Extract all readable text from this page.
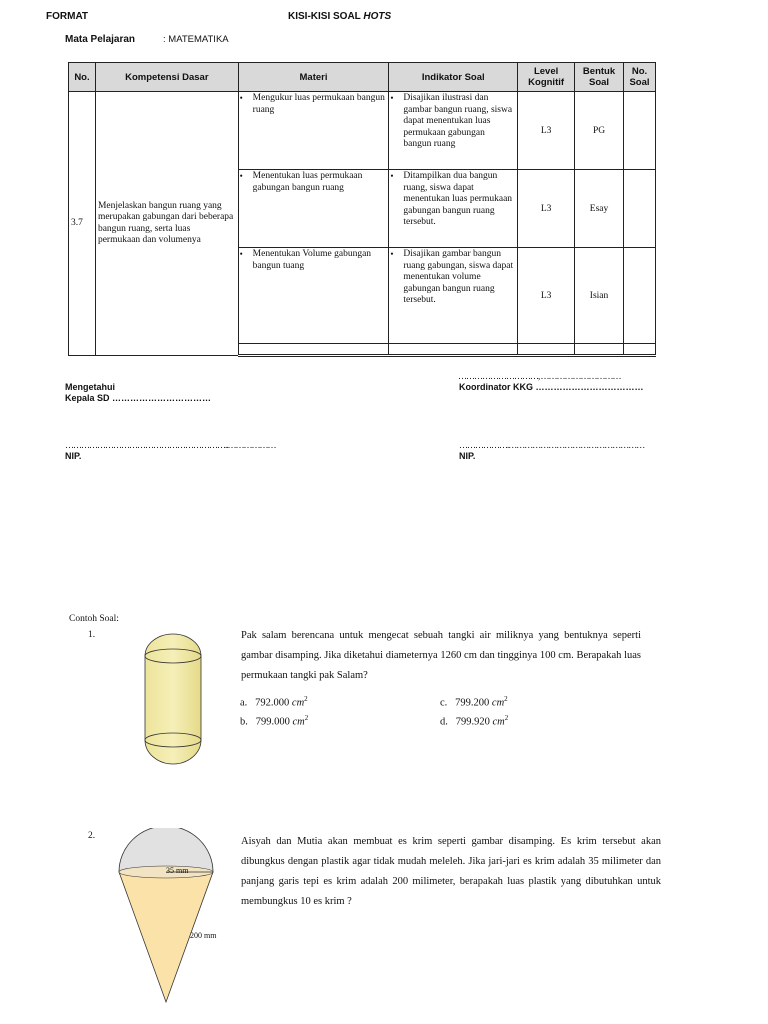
FORMAT	KISI-KISI SOAL HOTS
Mata Pelajaran	: MATEMATIKA
No.	Kompetensi Dasar	Materi	Indikator Soal	Level Kognitif	Bentuk Soal	No. Soal
3.7	Menjelaskan bangun ruang yang merupakan gabungan dari beberapa bangun ruang, serta luas permukaan dan volumenya	• Mengukur luas permukaan bangun ruang	• Disajikan ilustrasi dan gambar bangun ruang, siswa dapat menentukan luas permukaan gabungan bangun ruang	L3	PG	

		• Menentukan luas permukaan gabungan bangun ruang	• Ditampilkan dua bangun ruang, siswa dapat menentukan luas permukaan gabungan bangun ruang tersebut.	L3	Esay	

		• Menentukan Volume gabungan bangun tuang	• Disajikan gambar bangun ruang gabungan, siswa dapat menentukan volume gabungan bangun ruang tersebut.	L3	Isian	

…………………………, …………………………
Mengetahui	Koordinator KKG ………………………………
Kepala SD ……………………………
……………………………………………………..………………	……………….……………………………………………
NIP.	NIP.
Contoh Soal:
1.	Pak salam berencana untuk mengecat sebuah tangki air miliknya yang bentuknya seperti gambar disamping. Jika diketahui diameternya 1260 cm dan tingginya 100 cm. Berapakah luas permukaan tangki pak Salam?
a. 792.000 $cm^2$	c. 799.200 $cm^2$
b. 799.000 $cm^2$	d. 799.920 $cm^2$
2.
35 mm
200 mm
Aisyah dan Mutia akan membuat es krim seperti gambar disamping. Es krim tersebut akan dibungkus dengan plastik agar tidak mudah meleleh. Jika jari-jari es krim adalah 35 milimeter dan panjang garis tepi es krim adalah 200 milimeter, berapakah luas plastik yang dibutuhkan untuk membungkus 10 es krim ?
